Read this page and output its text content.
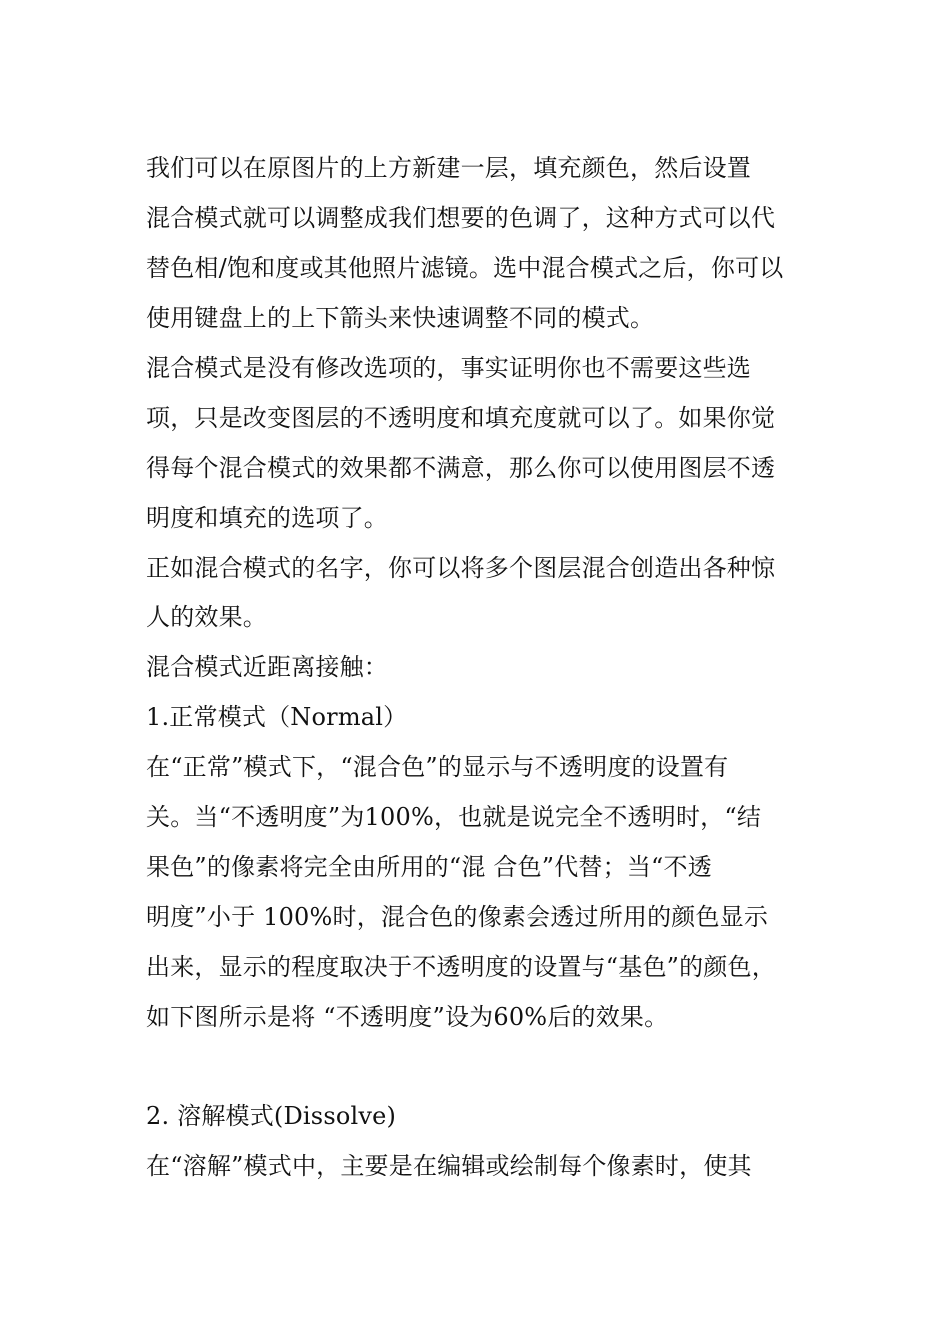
我们可以在原图片的上方新建一层，填充颜色，然后设置
混合模式就可以调整成我们想要的色调了，这种方式可以代
替色相/饱和度或其他照片滤镜。选中混合模式之后，你可以
使用键盘上的上下箭头来快速调整不同的模式。
混合模式是没有修改选项的，事实证明你也不需要这些选
项，只是改变图层的不透明度和填充度就可以了。如果你觉
得每个混合模式的效果都不满意，那么你可以使用图层不透
明度和填充的选项了。
正如混合模式的名字，你可以将多个图层混合创造出各种惊
人的效果。
混合模式近距离接触：
1.正常模式（Normal）
在“正常”模式下，“混合色”的显示与不透明度的设置有
关。当“不透明度”为100%，也就是说完全不透明时，“结
果色”的像素将完全由所用的“混 合色”代替；当“不透
明度”小于 100%时，混合色的像素会透过所用的颜色显示
出来，显示的程度取决于不透明度的设置与“基色”的颜色，
如下图所示是将 “不透明度”设为60%后的效果。
2. 溶解模式(Dissolve)
在“溶解”模式中，主要是在编辑或绘制每个像素时，使其
